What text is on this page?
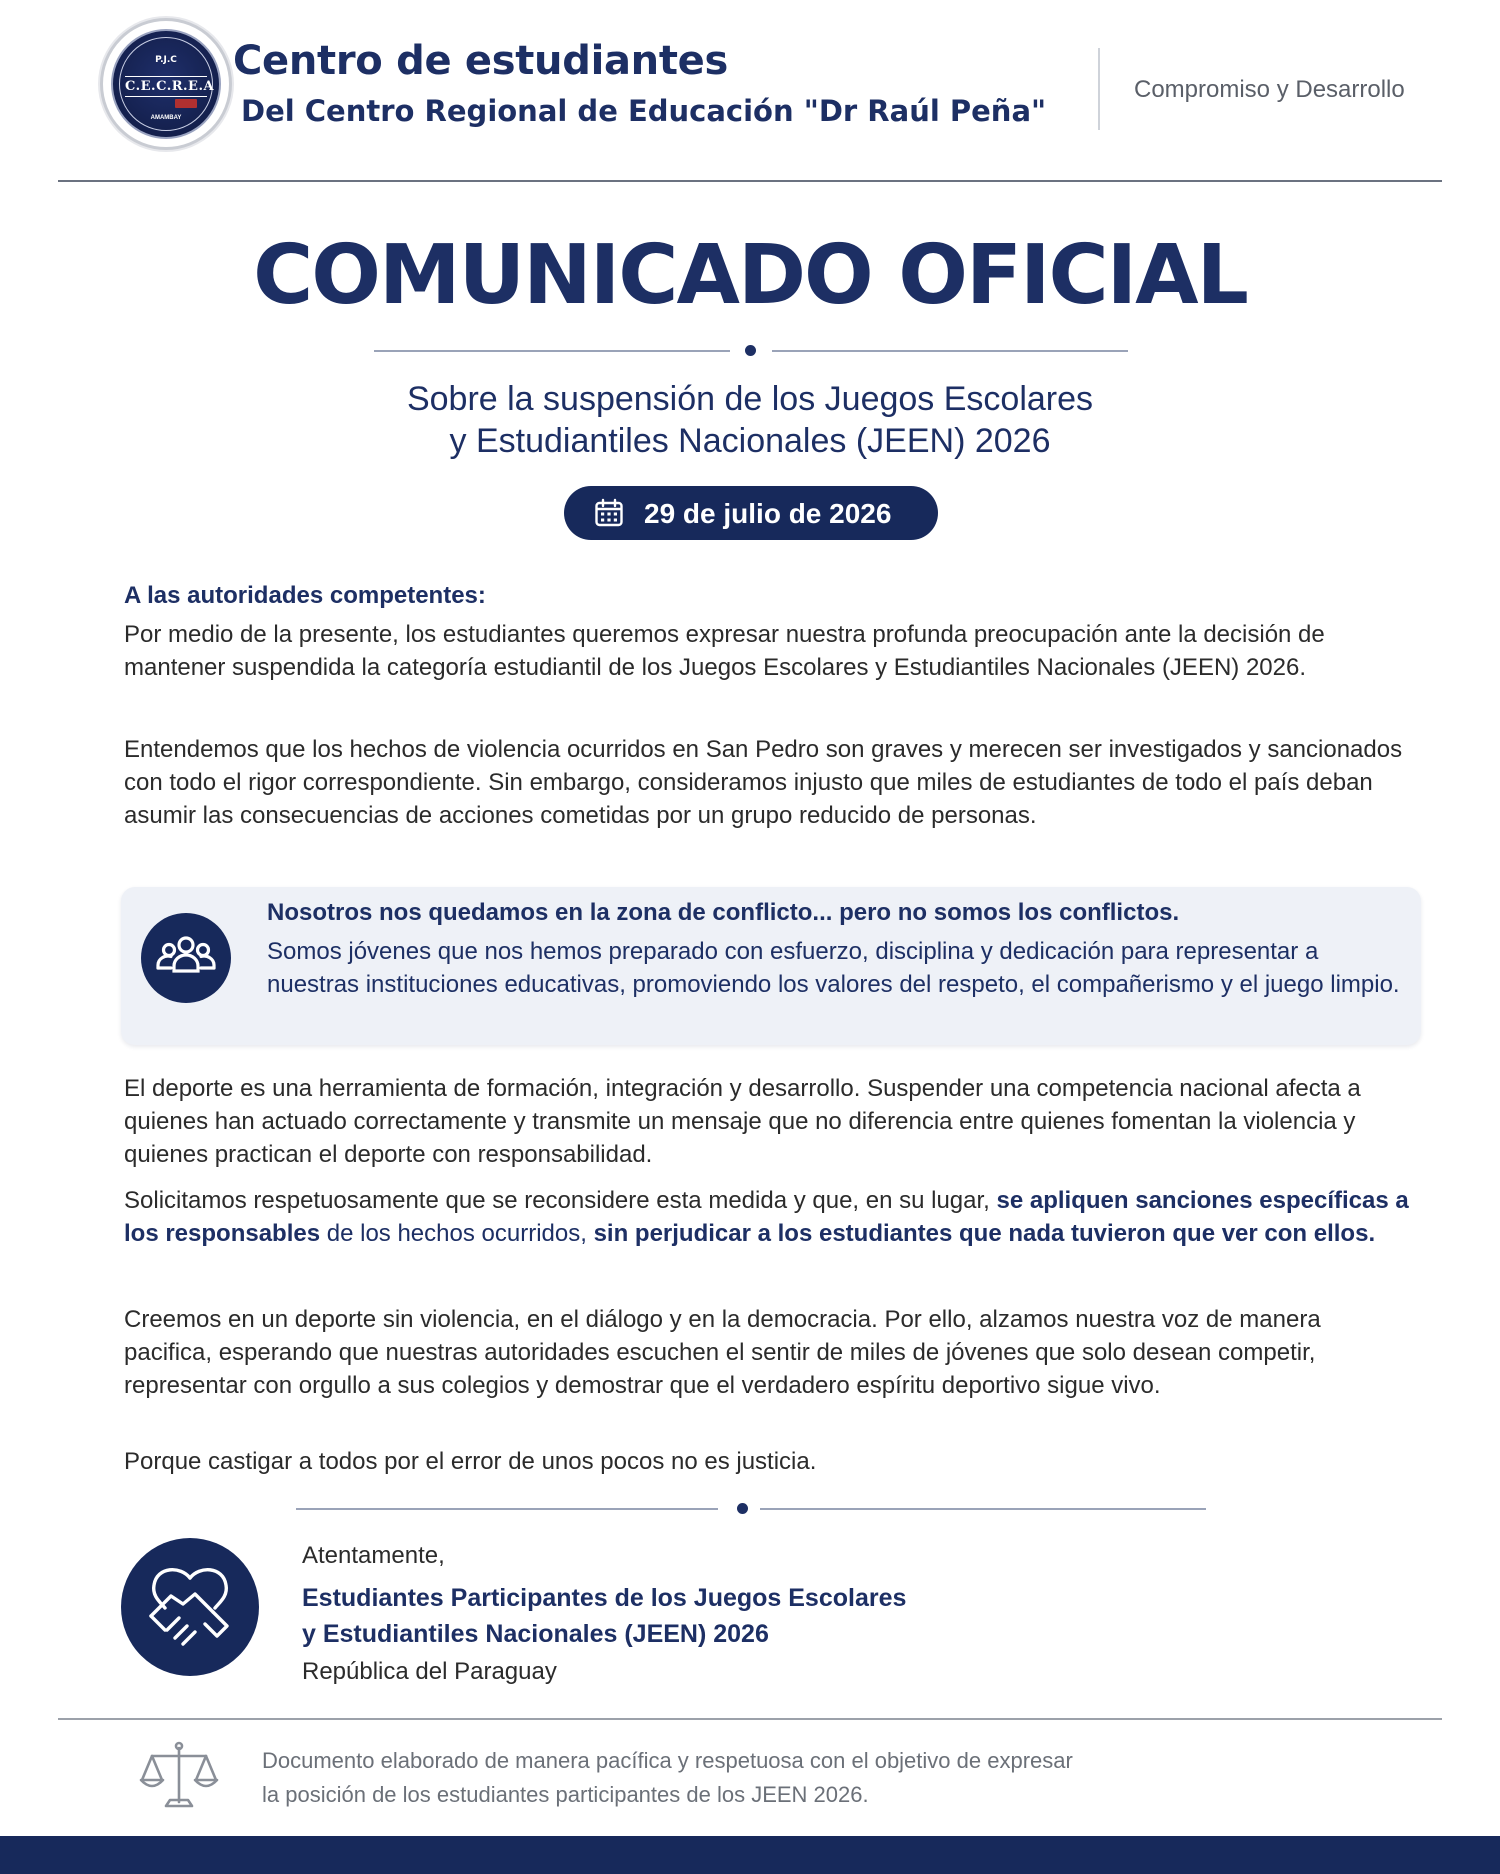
P.J.C
C.E.C.R.E.A
AMAMBAY
Centro de estudiantes
Del Centro Regional de Educación "Dr Raúl Peña"
Compromiso y Desarrollo
COMUNICADO OFICIAL
Sobre la suspensión de los Juegos Escolares
y Estudiantiles Nacionales (JEEN) 2026
29 de julio de 2026
A las autoridades competentes:
Por medio de la presente, los estudiantes queremos expresar nuestra profunda preocupación ante la decisión de mantener suspendida la categoría estudiantil de los Juegos Escolares y Estudiantiles Nacionales (JEEN) 2026.
Entendemos que los hechos de violencia ocurridos en San Pedro son graves y merecen ser investigados y sancionados con todo el rigor correspondiente. Sin embargo, consideramos injusto que miles de estudiantes de todo el país deban asumir las consecuencias de acciones cometidas por un grupo reducido de personas.
Nosotros nos quedamos en la zona de conflicto... pero no somos los conflictos.
Somos jóvenes que nos hemos preparado con esfuerzo, disciplina y dedicación para representar a nuestras instituciones educativas, promoviendo los valores del respeto, el compañerismo y el juego limpio.
El deporte es una herramienta de formación, integración y desarrollo. Suspender una competencia nacional afecta a quienes han actuado correctamente y transmite un mensaje que no diferencia entre quienes fomentan la violencia y quienes practican el deporte con responsabilidad.
Solicitamos respetuosamente que se reconsidere esta medida y que, en su lugar, se apliquen sanciones específicas a los responsables de los hechos ocurridos, sin perjudicar a los estudiantes que nada tuvieron que ver con ellos.
Creemos en un deporte sin violencia, en el diálogo y en la democracia. Por ello, alzamos nuestra voz de manera pacifica, esperando que nuestras autoridades escuchen el sentir de miles de jóvenes que solo desean competir, representar con orgullo a sus colegios y demostrar que el verdadero espíritu deportivo sigue vivo.
Porque castigar a todos por el error de unos pocos no es justicia.
Atentamente,
Estudiantes Participantes de los Juegos Escolares
y Estudiantiles Nacionales (JEEN) 2026
República del Paraguay
Documento elaborado de manera pacífica y respetuosa con el objetivo de expresar
la posición de los estudiantes participantes de los JEEN 2026.
